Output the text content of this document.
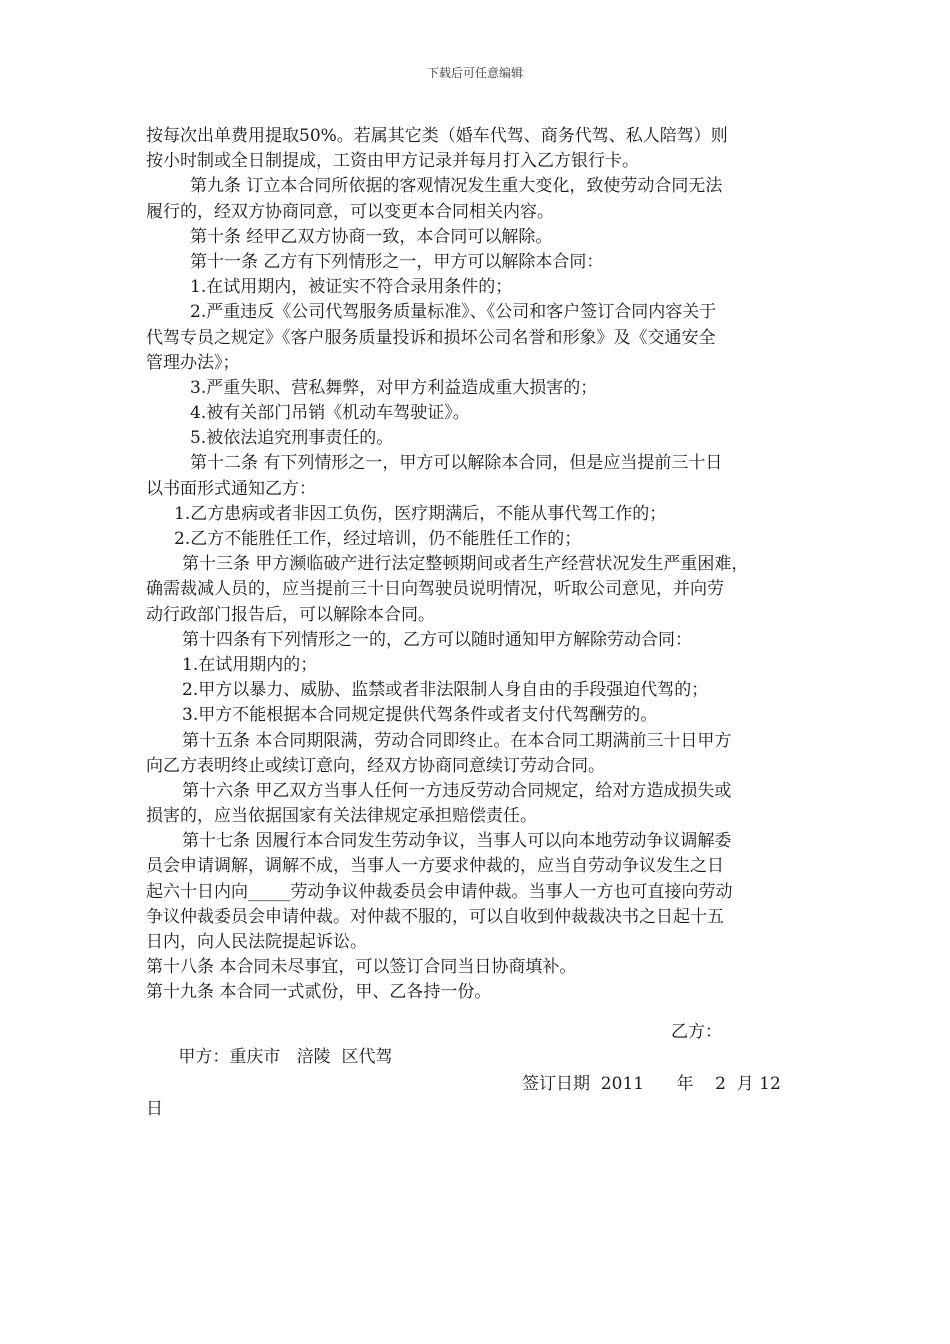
下载后可任意编辑
按每次出单费用提取50%。若属其它类（婚车代驾、商务代驾、私人陪驾）则
按小时制或全日制提成，工资由甲方记录并每月打入乙方银行卡。
第九条 订立本合同所依据的客观情况发生重大变化，致使劳动合同无法
履行的，经双方协商同意，可以变更本合同相关内容。
第十条 经甲乙双方协商一致，本合同可以解除。
第十一条 乙方有下列情形之一，甲方可以解除本合同：
1.在试用期内，被证实不符合录用条件的；
2.严重违反《公司代驾服务质量标准》、《公司和客户签订合同内容关于
代驾专员之规定》《客户服务质量投诉和损坏公司名誉和形象》及《交通安全
管理办法》；
3.严重失职、营私舞弊，对甲方利益造成重大损害的；
4.被有关部门吊销《机动车驾驶证》。
5.被依法追究刑事责任的。
第十二条 有下列情形之一，甲方可以解除本合同，但是应当提前三十日
以书面形式通知乙方：
1.乙方患病或者非因工负伤，医疗期满后，不能从事代驾工作的；
2.乙方不能胜任工作，经过培训，仍不能胜任工作的；
第十三条 甲方濒临破产进行法定整顿期间或者生产经营状况发生严重困难，
确需裁减人员的，应当提前三十日向驾驶员说明情况，听取公司意见，并向劳
动行政部门报告后，可以解除本合同。
第十四条有下列情形之一的，乙方可以随时通知甲方解除劳动合同：
1.在试用期内的；
2.甲方以暴力、威胁、监禁或者非法限制人身自由的手段强迫代驾的；
3.甲方不能根据本合同规定提供代驾条件或者支付代驾酬劳的。
第十五条 本合同期限满，劳动合同即终止。在本合同工期满前三十日甲方
向乙方表明终止或续订意向，经双方协商同意续订劳动合同。
第十六条 甲乙双方当事人任何一方违反劳动合同规定，给对方造成损失或
损害的，应当依据国家有关法律规定承担赔偿责任。
第十七条 因履行本合同发生劳动争议，当事人可以向本地劳动争议调解委
员会申请调解，调解不成，当事人一方要求仲裁的，应当自劳动争议发生之日
起六十日内向_____劳动争议仲裁委员会申请仲裁。当事人一方也可直接向劳动
争议仲裁委员会申请仲裁。对仲裁不服的，可以自收到仲裁裁决书之日起十五
日内，向人民法院提起诉讼。
第十八条 本合同未尽事宜，可以签订合同当日协商填补。
第十九条 本合同一式贰份，甲、乙各持一份。

甲方：重庆市   涪陵  区代驾

乙方：

签订日期  2011      年    2  月 12

日
